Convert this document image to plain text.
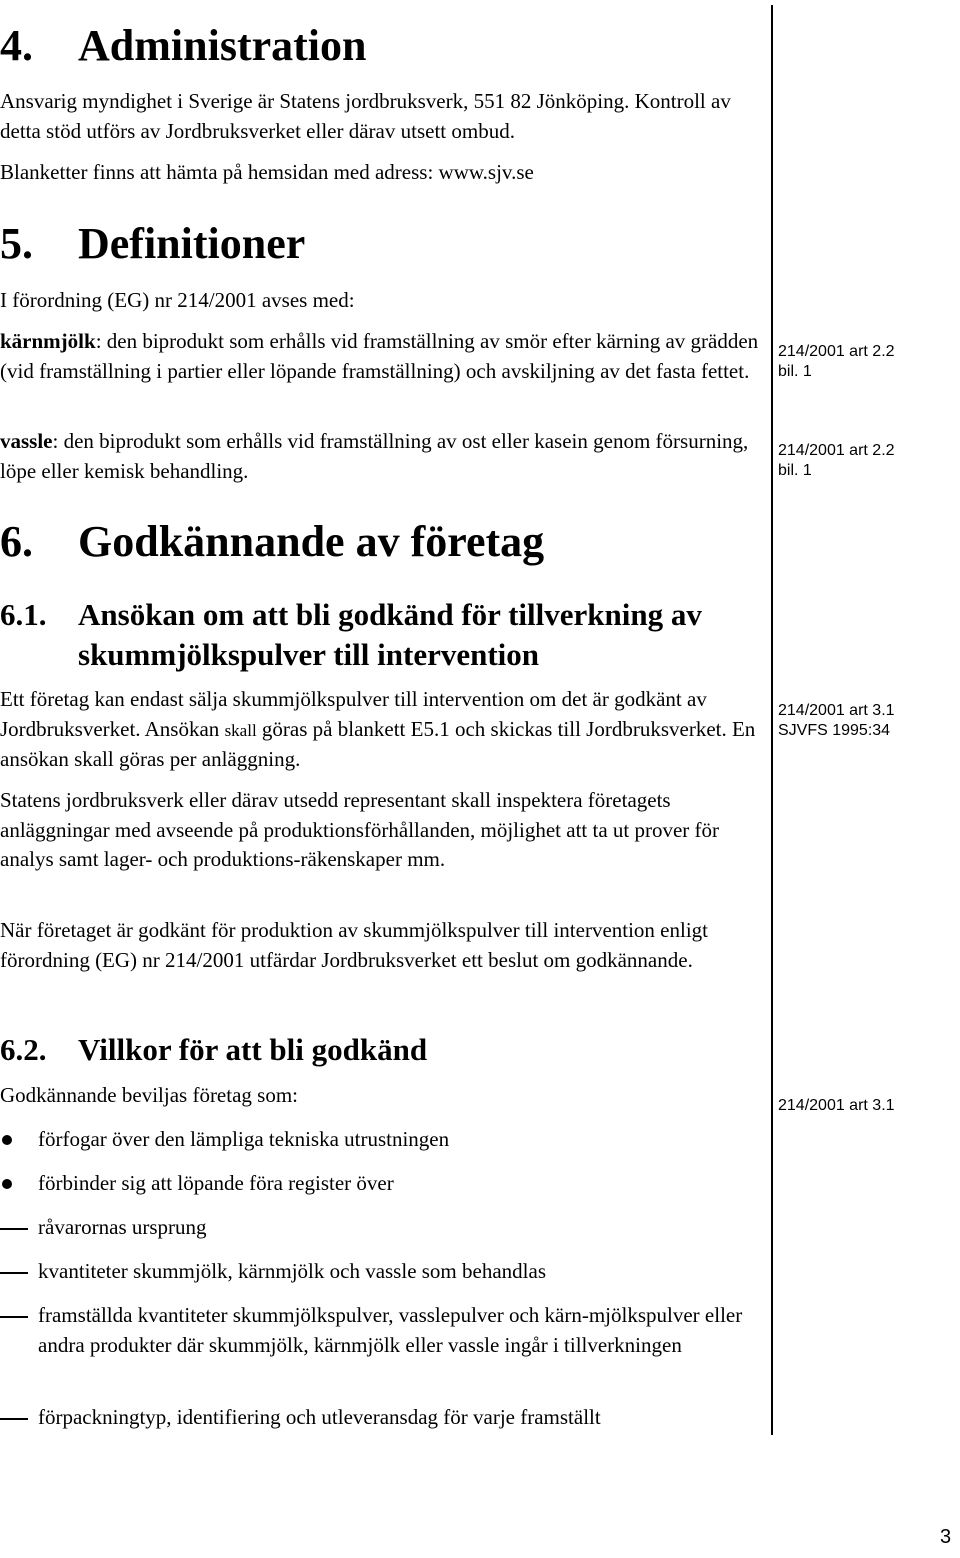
4. Administration
Ansvarig myndighet i Sverige är Statens jordbruksverk, 551 82 Jönköping. Kontroll av detta stöd utförs av Jordbruksverket eller därav utsett ombud.
Blanketter finns att hämta på hemsidan med adress: www.sjv.se
5. Definitioner
I förordning (EG) nr 214/2001 avses med:
kärnmjölk: den biprodukt som erhålls vid framställning av smör efter kärning av grädden (vid framställning i partier eller löpande framställning) och avskiljning av det fasta fettet.
214/2001 art 2.2
bil. 1
vassle: den biprodukt som erhålls vid framställning av ost eller kasein genom försurning, löpe eller kemisk behandling.
214/2001 art 2.2
bil. 1
6. Godkännande av företag
6.1. Ansökan om att bli godkänd för tillverkning av skummjölkspulver till intervention
Ett företag kan endast sälja skummjölkspulver till intervention om det är godkänt av Jordbruksverket. Ansökan skall göras på blankett E5.1 och skickas till Jordbruksverket. En ansökan skall göras per anläggning.
214/2001 art 3.1
SJVFS 1995:34
Statens jordbruksverk eller därav utsedd representant skall inspektera företagets anläggningar med avseende på produktionsförhållanden, möjlighet att ta ut prover för analys samt lager- och produktions-räkenskaper mm.
När företaget är godkänt för produktion av skummjölkspulver till intervention enligt förordning (EG) nr 214/2001 utfärdar Jordbruksverket ett beslut om godkännande.
6.2. Villkor för att bli godkänd
Godkännande beviljas företag som:	214/2001 art 3.1
förfogar över den lämpliga tekniska utrustningen
förbinder sig att löpande föra register över
råvarornas ursprung
kvantiteter skummjölk, kärnmjölk och vassle som behandlas
framställda kvantiteter skummjölkspulver, vasslepulver och kärn-mjölkspulver eller andra produkter där skummjölk, kärnmjölk eller vassle ingår i tillverkningen
förpackningtyp, identifiering och utleveransdag för varje framställt
3
